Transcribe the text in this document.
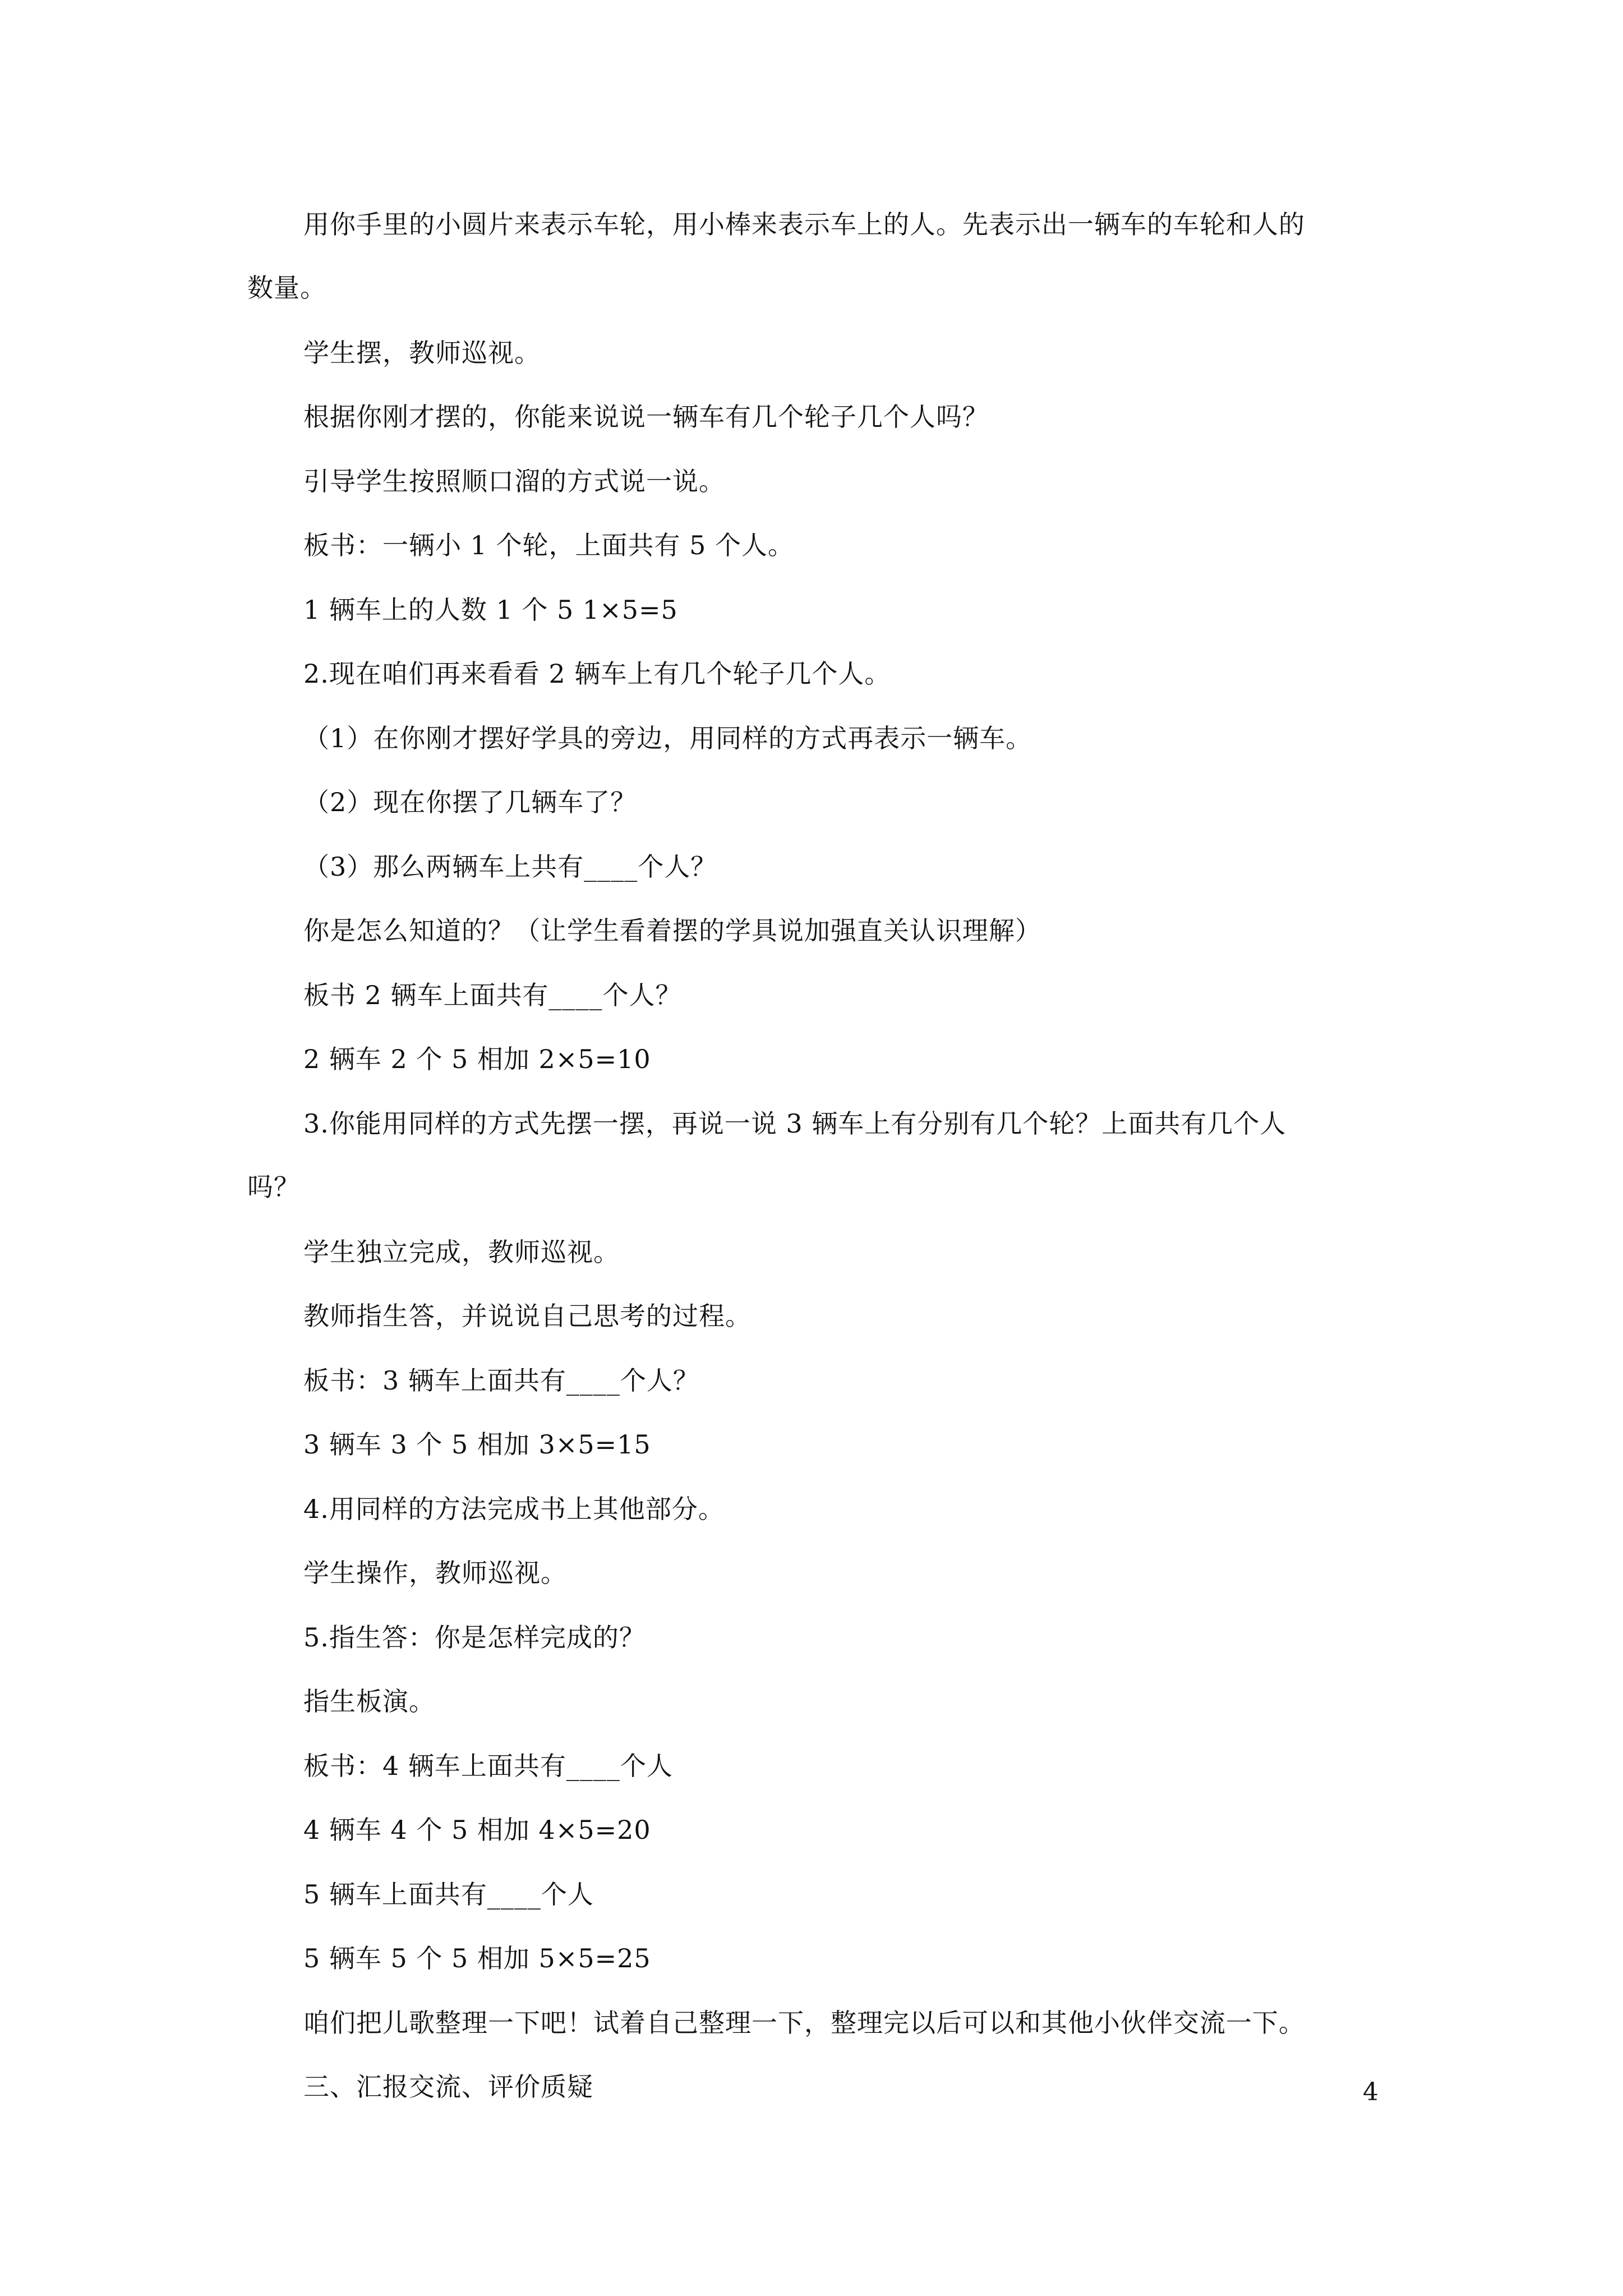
用你手里的小圆片来表示车轮，用小棒来表示车上的人。先表示出一辆车的车轮和人的
数量。
学生摆，教师巡视。
根据你刚才摆的，你能来说说一辆车有几个轮子几个人吗？
引导学生按照顺口溜的方式说一说。
板书：一辆小 1 个轮，上面共有 5 个人。
1 辆车上的人数 1 个 5 1×5=5
2.现在咱们再来看看 2 辆车上有几个轮子几个人。
（1）在你刚才摆好学具的旁边，用同样的方式再表示一辆车。
（2）现在你摆了几辆车了？
（3）那么两辆车上共有____个人？
你是怎么知道的？（让学生看着摆的学具说加强直关认识理解）
板书 2 辆车上面共有____个人？
2 辆车 2 个 5 相加 2×5=10
3.你能用同样的方式先摆一摆，再说一说 3 辆车上有分别有几个轮？上面共有几个人
吗？
学生独立完成，教师巡视。
教师指生答，并说说自己思考的过程。
板书：3 辆车上面共有____个人？
3 辆车 3 个 5 相加 3×5=15
4.用同样的方法完成书上其他部分。
学生操作，教师巡视。
5.指生答：你是怎样完成的？
指生板演。
板书：4 辆车上面共有____个人
4 辆车 4 个 5 相加 4×5=20
5 辆车上面共有____个人
5 辆车 5 个 5 相加 5×5=25
咱们把儿歌整理一下吧！试着自己整理一下，整理完以后可以和其他小伙伴交流一下。
三、汇报交流、评价质疑	4
